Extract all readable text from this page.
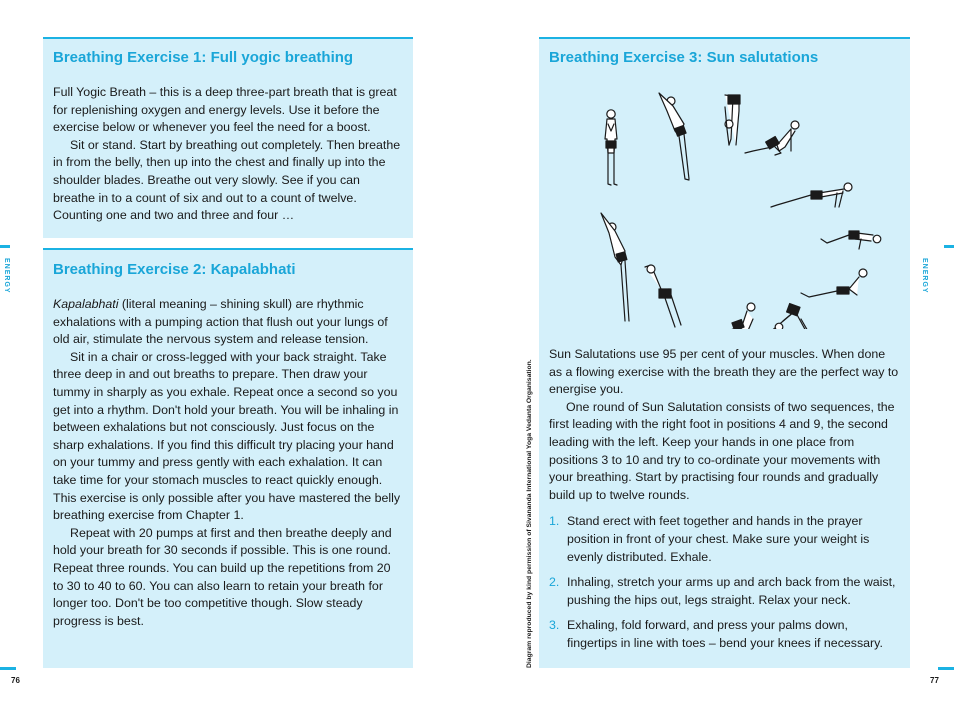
ENERGY
Breathing Exercise 1: Full yogic breathing

Full Yogic Breath – this is a deep three-part breath that is great for replenishing oxygen and energy levels. Use it before the exercise below or whenever you feel the need for a boost.

Sit or stand. Start by breathing out completely. Then breathe in from the belly, then up into the chest and finally up into the shoulder blades. Breathe out very slowly. See if you can breathe in to a count of six and out to a count of twelve. Counting one and two and three and four …

Breathing Exercise 2: Kapalabhati

Kapalabhati (literal meaning – shining skull) are rhythmic exhalations with a pumping action that flush out your lungs of old air, stimulate the nervous system and release tension.

Sit in a chair or cross-legged with your back straight. Take three deep in and out breaths to prepare. Then draw your tummy in sharply as you exhale. Repeat once a second so you get into a rhythm. Don't hold your breath. You will be inhaling in between exhalations but not consciously. Just focus on the sharp exhalations. If you find this difficult try placing your hand on your tummy and press gently with each exhalation. It can take time for your stomach muscles to react quickly enough. This exercise is only possible after you have mastered the belly breathing exercise from Chapter 1.

Repeat with 20 pumps at first and then breathe deeply and hold your breath for 30 seconds if possible. This is one round. Repeat three rounds. You can build up the repetitions from 20 to 30 to 40 to 60. You can also learn to retain your breath for longer too. Don't be too competitive though. Slow steady progress is best.

76
Diagram reproduced by kind permission of Sivananda International Yoga Vedanta Organisation.
Breathing Exercise 3: Sun salutations

Sun Salutations use 95 per cent of your muscles. When done as a flowing exercise with the breath they are the perfect way to energise you.

One round of Sun Salutation consists of two sequences, the first leading with the right foot in positions 4 and 9, the second leading with the left. Keep your hands in one place from positions 3 to 10 and try to co-ordinate your movements with your breathing. Start by practising four rounds and gradually build up to twelve rounds.

1. Stand erect with feet together and hands in the prayer position in front of your chest. Make sure your weight is evenly distributed. Exhale.
2. Inhaling, stretch your arms up and arch back from the waist, pushing the hips out, legs straight. Relax your neck.
3. Exhaling, fold forward, and press your palms down, fingertips in line with toes – bend your knees if necessary.
ENERGY
77
